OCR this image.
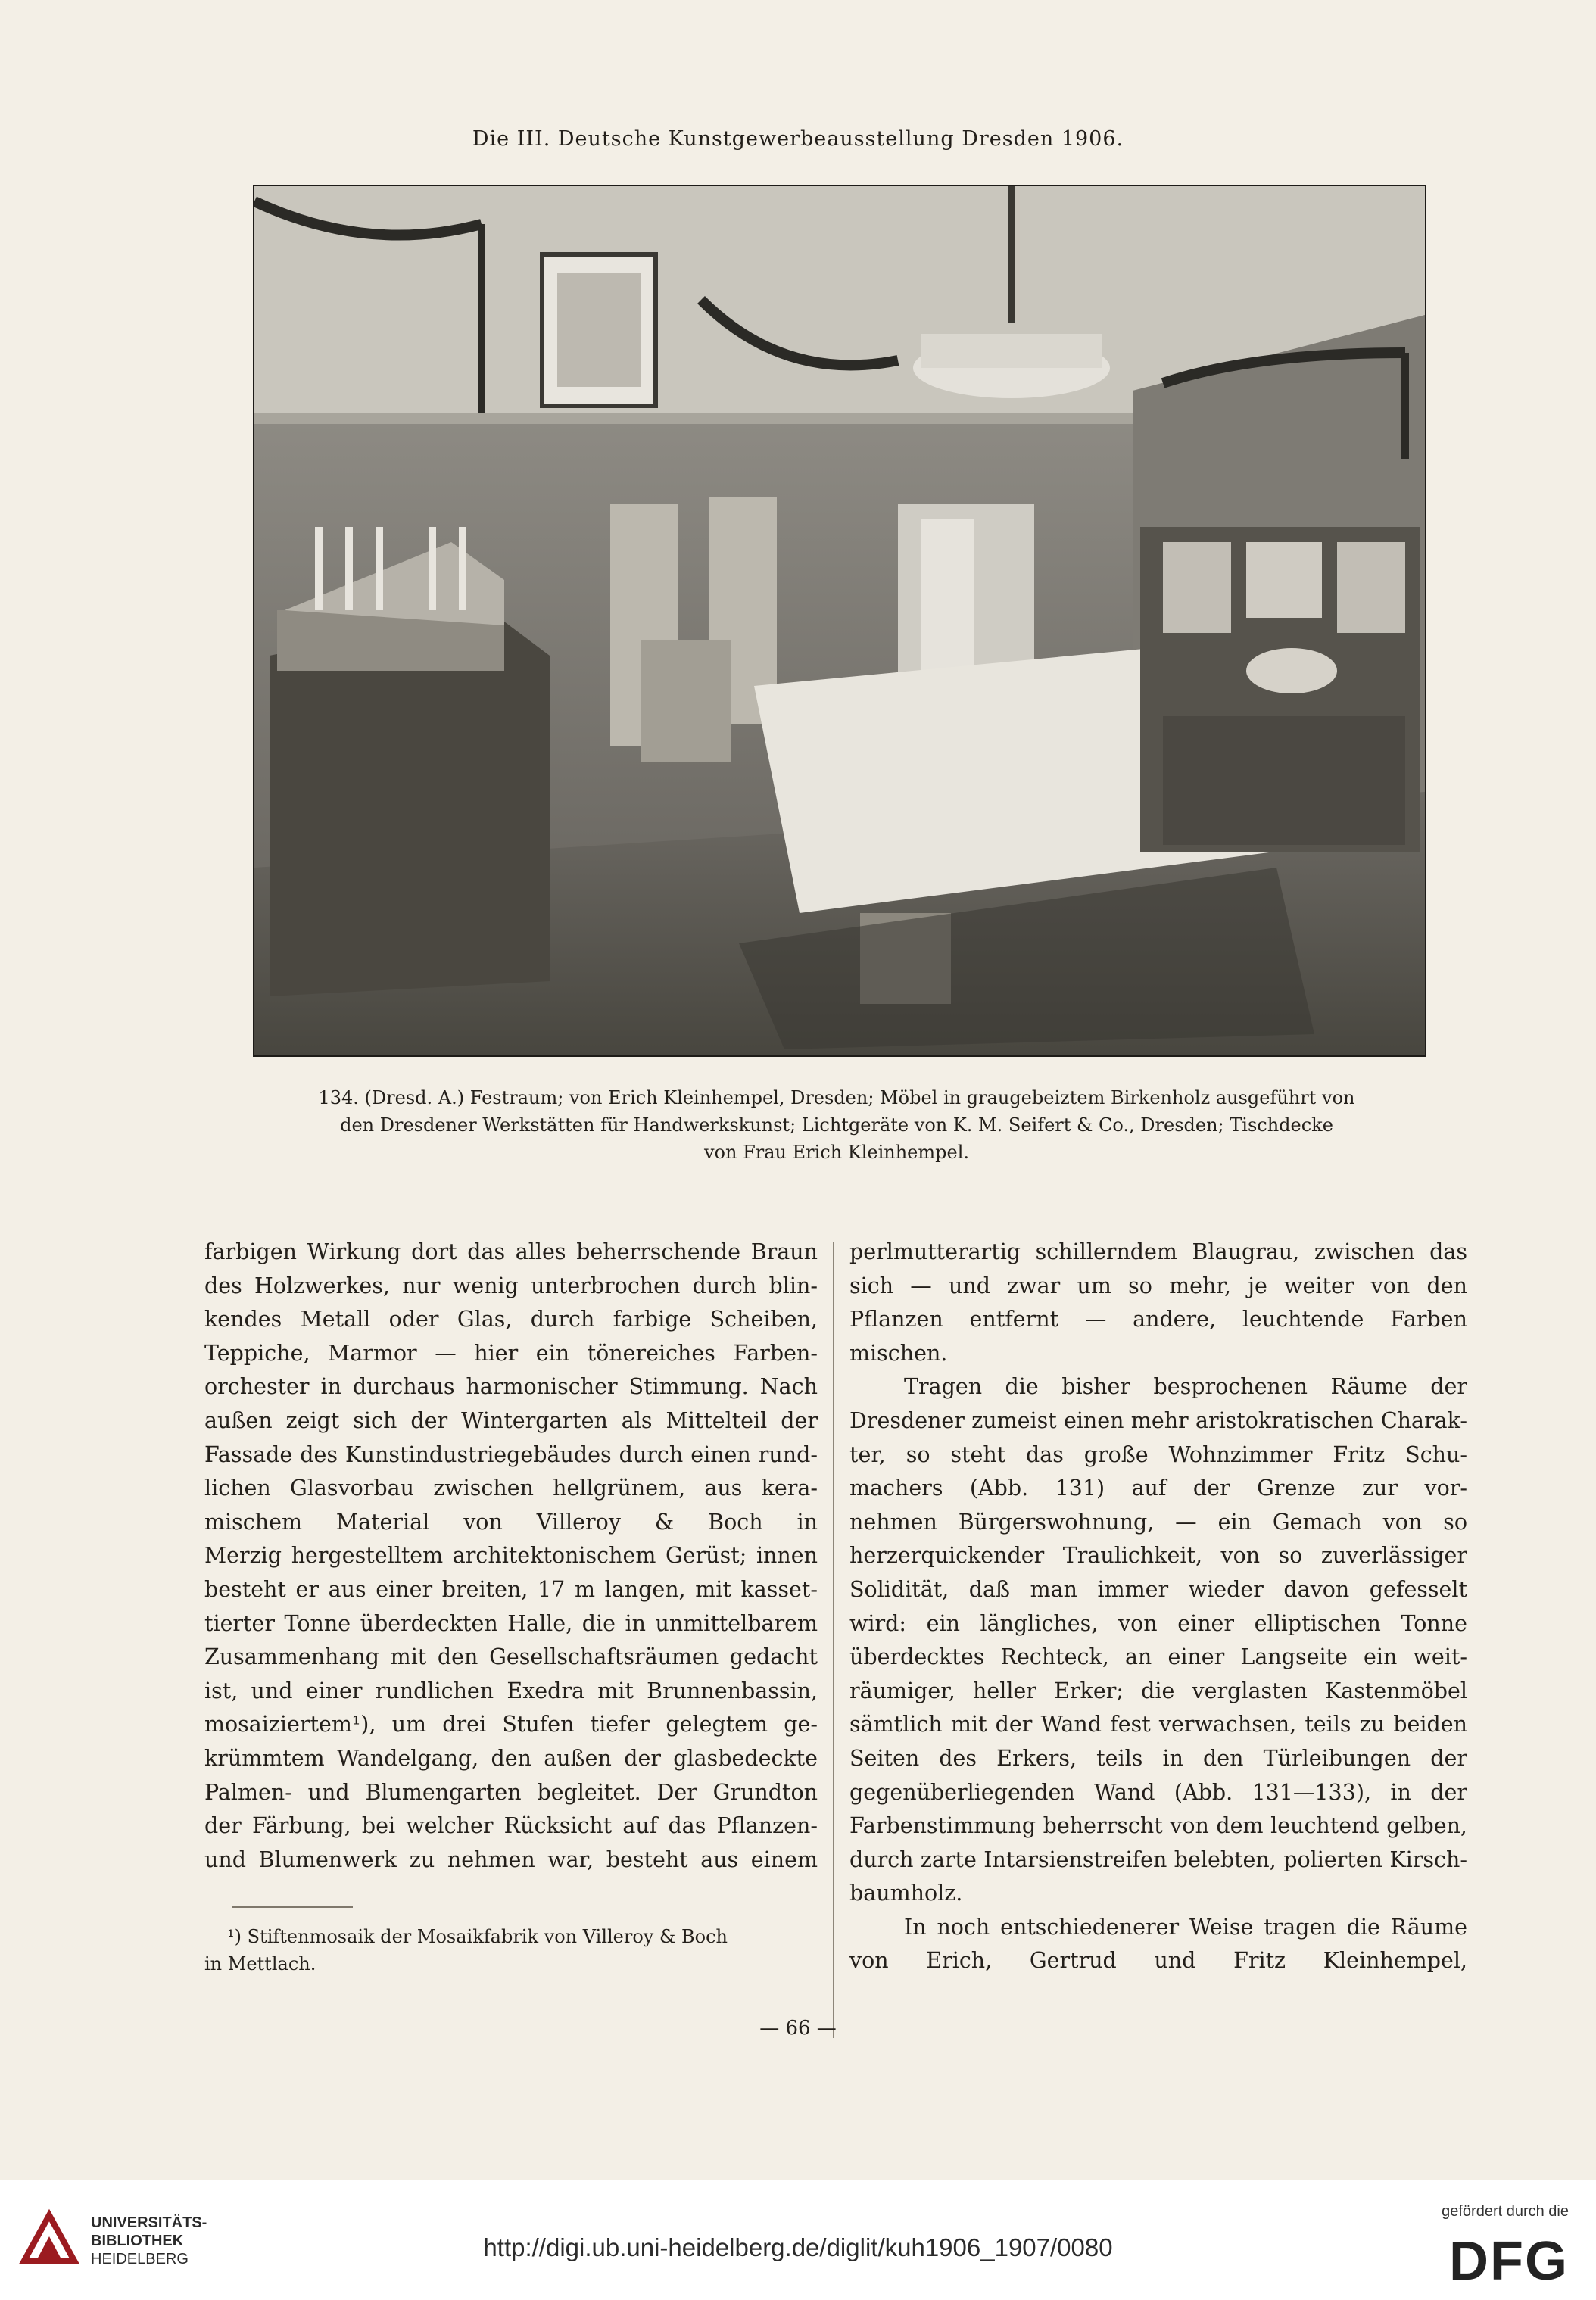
Die III. Deutsche Kunstgewerbeausstellung Dresden 1906.
134. (Dresd. A.) Festraum; von Erich Kleinhempel, Dresden; Möbel in graugebeiztem Birkenholz ausgeführt von
den Dresdener Werkstätten für Handwerkskunst; Lichtgeräte von K. M. Seifert & Co., Dresden; Tischdecke
von Frau Erich Kleinhempel.
farbigen Wirkung dort das alles beherrschende Braun
des Holzwerkes, nur wenig unterbrochen durch blin-
kendes Metall oder Glas, durch farbige Scheiben,
Teppiche, Marmor — hier ein tönereiches Farben-
orchester in durchaus harmonischer Stimmung. Nach
außen zeigt sich der Wintergarten als Mittelteil der
Fassade des Kunstindustriegebäudes durch einen rund-
lichen Glasvorbau zwischen hellgrünem, aus kera-
mischem Material von Villeroy & Boch in
Merzig hergestelltem architektonischem Gerüst; innen
besteht er aus einer breiten, 17 m langen, mit kasset-
tierter Tonne überdeckten Halle, die in unmittelbarem
Zusammenhang mit den Gesellschaftsräumen gedacht
ist, und einer rundlichen Exedra mit Brunnenbassin,
mosaiziertem¹), um drei Stufen tiefer gelegtem ge-
krümmtem Wandelgang, den außen der glasbedeckte
Palmen- und Blumengarten begleitet. Der Grundton
der Färbung, bei welcher Rücksicht auf das Pflanzen-
und Blumenwerk zu nehmen war, besteht aus einem
perlmutterartig schillerndem Blaugrau, zwischen das
sich — und zwar um so mehr, je weiter von den
Pflanzen entfernt — andere, leuchtende Farben
mischen.
Tragen die bisher besprochenen Räume der
Dresdener zumeist einen mehr aristokratischen Charak-
ter, so steht das große Wohnzimmer Fritz Schu-
machers (Abb. 131) auf der Grenze zur vor-
nehmen Bürgerswohnung, — ein Gemach von so
herzerquickender Traulichkeit, von so zuverlässiger
Solidität, daß man immer wieder davon gefesselt
wird: ein längliches, von einer elliptischen Tonne
überdecktes Rechteck, an einer Langseite ein weit-
räumiger, heller Erker; die verglasten Kastenmöbel
sämtlich mit der Wand fest verwachsen, teils zu beiden
Seiten des Erkers, teils in den Türleibungen der
gegenüberliegenden Wand (Abb. 131—133), in der
Farbenstimmung beherrscht von dem leuchtend gelben,
durch zarte Intarsienstreifen belebten, polierten Kirsch-
baumholz.
In noch entschiedenerer Weise tragen die Räume
von Erich, Gertrud und Fritz Kleinhempel,
¹) Stiftenmosaik der Mosaikfabrik von Villeroy & Boch
in Mettlach.
— 66 —
UNIVERSITÄTS-
BIBLIOTHEK
HEIDELBERG	http://digi.ub.uni-heidelberg.de/diglit/kuh1906_1907/0080
gefördert durch die
DFG
